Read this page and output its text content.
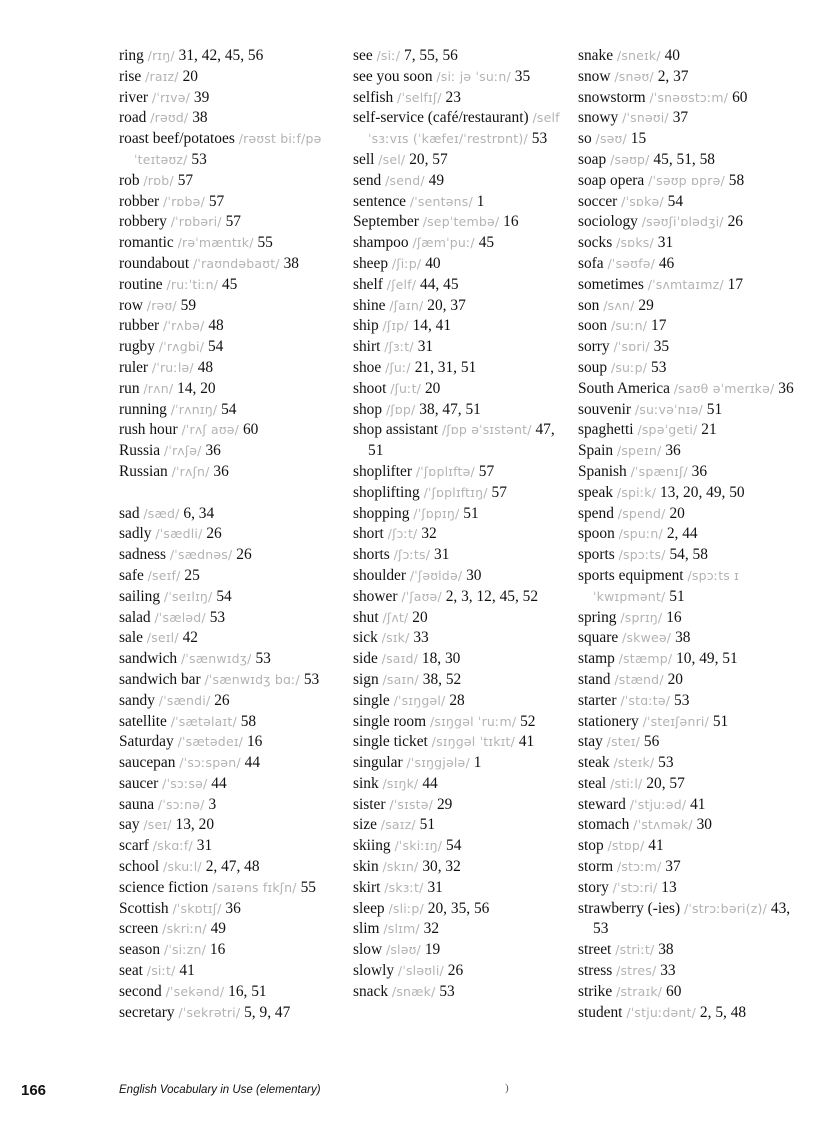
ring /rɪŋ/ 31, 42, 45, 56
rise /raɪz/ 20
river /ˈrɪvə/ 39
road /rəʊd/ 38
roast beef/potatoes /rəʊst biːf/pəˈteɪtəʊz/ 53
rob /rɒb/ 57
robber /ˈrɒbə/ 57
robbery /ˈrɒbəri/ 57
romantic /rəˈmæntɪk/ 55
roundabout /ˈraʊndəbaʊt/ 38
routine /ruːˈtiːn/ 45
row /rəʊ/ 59
rubber /ˈrʌbə/ 48
rugby /ˈrʌgbi/ 54
ruler /ˈruːlə/ 48
run /rʌn/ 14, 20
running /ˈrʌnɪŋ/ 54
rush hour /ˈrʌʃ aʊə/ 60
Russia /ˈrʌʃə/ 36
Russian /ˈrʌʃn/ 36
sad /sæd/ 6, 34
sadly /ˈsædli/ 26
sadness /ˈsædnəs/ 26
safe /seɪf/ 25
sailing /ˈseɪlɪŋ/ 54
salad /ˈsæləd/ 53
sale /seɪl/ 42
sandwich /ˈsænwɪdʒ/ 53
sandwich bar /ˈsænwɪdʒ bɑː/ 53
sandy /ˈsændi/ 26
satellite /ˈsætəlaɪt/ 58
Saturday /ˈsætədeɪ/ 16
saucepan /ˈsɔːspən/ 44
saucer /ˈsɔːsə/ 44
sauna /ˈsɔːnə/ 3
say /seɪ/ 13, 20
scarf /skɑːf/ 31
school /skuːl/ 2, 47, 48
science fiction /saɪəns fɪkʃn/ 55
Scottish /ˈskɒtɪʃ/ 36
screen /skriːn/ 49
season /ˈsiːzn/ 16
seat /siːt/ 41
second /ˈsekənd/ 16, 51
secretary /ˈsekrətri/ 5, 9, 47
see /siː/ 7, 55, 56
see you soon /siː jə ˈsuːn/ 35
selfish /ˈselfɪʃ/ 23
self-service (café/restaurant) /self ˈsɜːvɪs (ˈkæfeɪ/ˈrestrɒnt)/ 53
sell /sel/ 20, 57
send /send/ 49
sentence /ˈsentəns/ 1
September /sepˈtembə/ 16
shampoo /ʃæmˈpuː/ 45
sheep /ʃiːp/ 40
shelf /ʃelf/ 44, 45
shine /ʃaɪn/ 20, 37
ship /ʃɪp/ 14, 41
shirt /ʃɜːt/ 31
shoe /ʃuː/ 21, 31, 51
shoot /ʃuːt/ 20
shop /ʃɒp/ 38, 47, 51
shop assistant /ʃɒp əˈsɪstənt/ 47, 51
shoplifter /ˈʃɒplɪftə/ 57
shoplifting /ˈʃɒplɪftɪŋ/ 57
shopping /ˈʃɒpɪŋ/ 51
short /ʃɔːt/ 32
shorts /ʃɔːts/ 31
shoulder /ˈʃəʊldə/ 30
shower /ˈʃaʊə/ 2, 3, 12, 45, 52
shut /ʃʌt/ 20
sick /sɪk/ 33
side /saɪd/ 18, 30
sign /saɪn/ 38, 52
single /ˈsɪŋgəl/ 28
single room /sɪŋgəl ˈruːm/ 52
single ticket /sɪŋgəl ˈtɪkɪt/ 41
singular /ˈsɪŋgjələ/ 1
sink /sɪŋk/ 44
sister /ˈsɪstə/ 29
size /saɪz/ 51
skiing /ˈskiːɪŋ/ 54
skin /skɪn/ 30, 32
skirt /skɜːt/ 31
sleep /sliːp/ 20, 35, 56
slim /slɪm/ 32
slow /sləʊ/ 19
slowly /ˈsləʊli/ 26
snack /snæk/ 53
snake /sneɪk/ 40
snow /snəʊ/ 2, 37
snowstorm /ˈsnəʊstɔːm/ 60
snowy /ˈsnəʊi/ 37
so /səʊ/ 15
soap /səʊp/ 45, 51, 58
soap opera /ˈsəʊp ɒprə/ 58
soccer /ˈsɒkə/ 54
sociology /səʊʃiˈɒlədʒi/ 26
socks /sɒks/ 31
sofa /ˈsəʊfə/ 46
sometimes /ˈsʌmtaɪmz/ 17
son /sʌn/ 29
soon /suːn/ 17
sorry /ˈsɒri/ 35
soup /suːp/ 53
South America /saʊθ əˈmerɪkə/ 36
souvenir /suːvəˈnɪə/ 51
spaghetti /spəˈgeti/ 21
Spain /speɪn/ 36
Spanish /ˈspænɪʃ/ 36
speak /spiːk/ 13, 20, 49, 50
spend /spend/ 20
spoon /spuːn/ 2, 44
sports /spɔːts/ 54, 58
sports equipment /spɔːts ɪˈkwɪpmənt/ 51
spring /sprɪŋ/ 16
square /skweə/ 38
stamp /stæmp/ 10, 49, 51
stand /stænd/ 20
starter /ˈstɑːtə/ 53
stationery /ˈsteɪʃənri/ 51
stay /steɪ/ 56
steak /steɪk/ 53
steal /stiːl/ 20, 57
steward /ˈstjuːəd/ 41
stomach /ˈstʌmək/ 30
stop /stɒp/ 41
storm /stɔːm/ 37
story /ˈstɔːri/ 13
strawberry (-ies) /ˈstrɔːbəri(z)/ 43, 53
street /striːt/ 38
stress /stres/ 33
strike /straɪk/ 60
student /ˈstjuːdənt/ 2, 5, 48
166	English Vocabulary in Use (elementary)	)
